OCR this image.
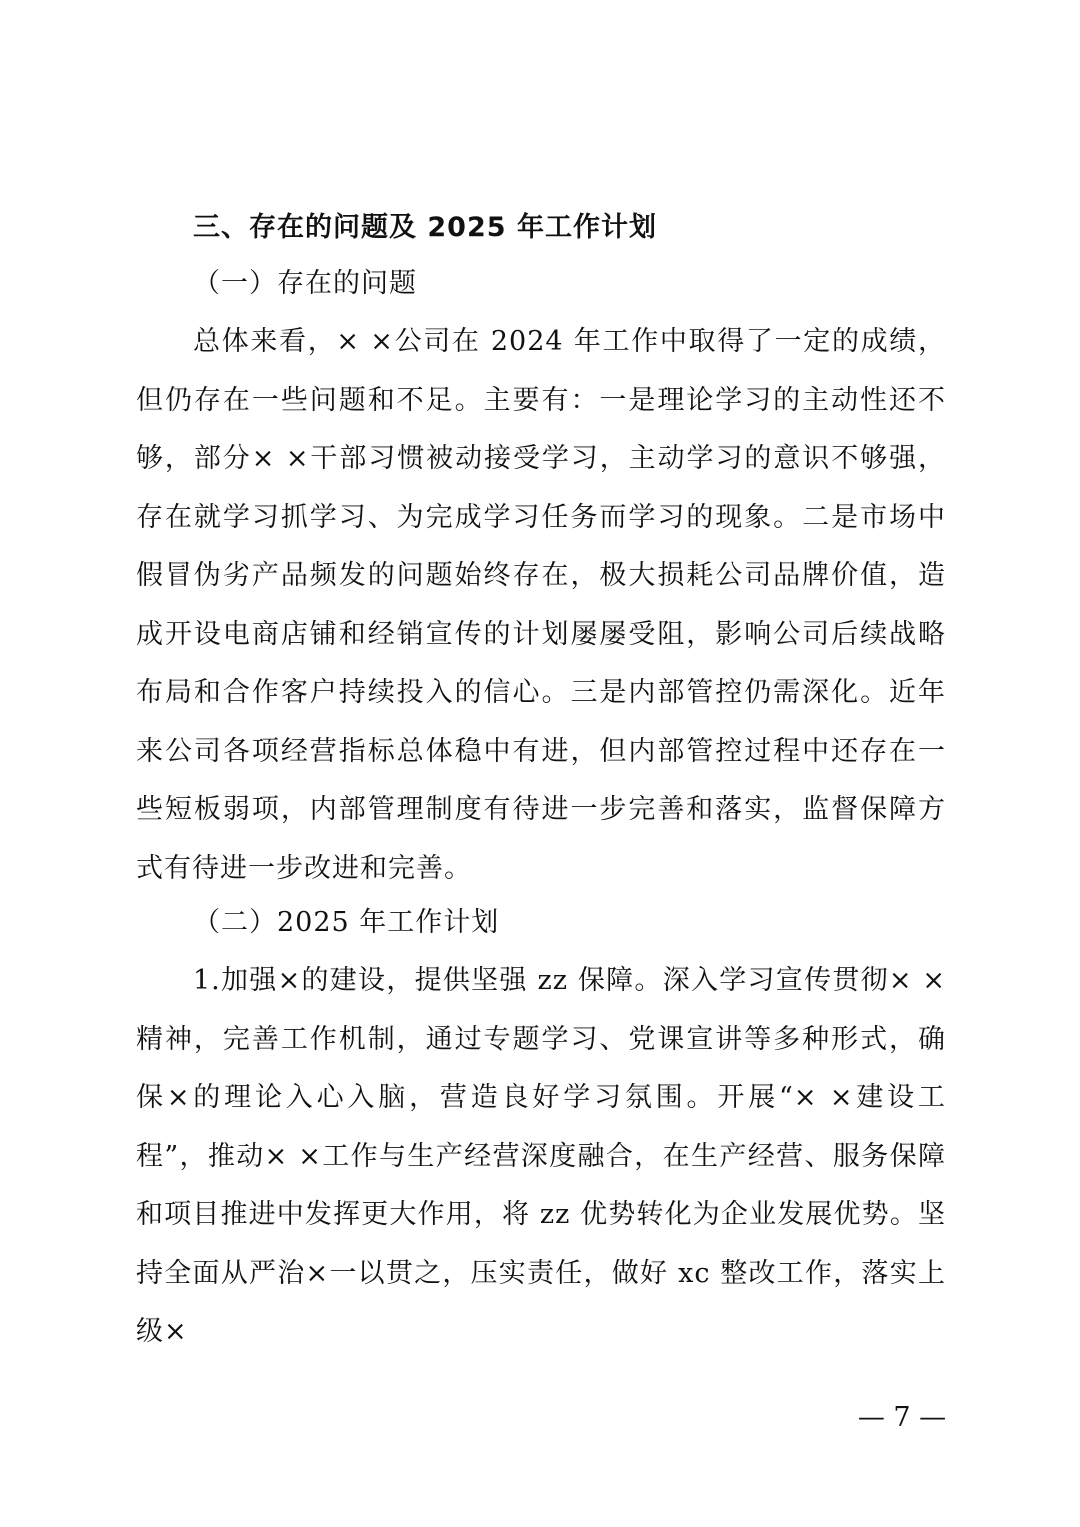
三、存在的问题及 2025 年工作计划
（一）存在的问题
总体来看，× ×公司在 2024 年工作中取得了一定的成绩，但仍存在一些问题和不足。主要有：一是理论学习的主动性还不够，部分× ×干部习惯被动接受学习，主动学习的意识不够强，存在就学习抓学习、为完成学习任务而学习的现象。二是市场中假冒伪劣产品频发的问题始终存在，极大损耗公司品牌价值，造成开设电商店铺和经销宣传的计划屡屡受阻，影响公司后续战略布局和合作客户持续投入的信心。三是内部管控仍需深化。近年来公司各项经营指标总体稳中有进，但内部管控过程中还存在一些短板弱项，内部管理制度有待进一步完善和落实，监督保障方式有待进一步改进和完善。
（二）2025 年工作计划
1.加强×的建设，提供坚强 zz 保障。深入学习宣传贯彻× ×精神，完善工作机制，通过专题学习、党课宣讲等多种形式，确保×的理论入心入脑，营造良好学习氛围。开展“× ×建设工程”，推动× ×工作与生产经营深度融合，在生产经营、服务保障和项目推进中发挥更大作用，将 zz 优势转化为企业发展优势。坚持全面从严治×一以贯之，压实责任，做好 xc 整改工作，落实上级×
— 7 —
